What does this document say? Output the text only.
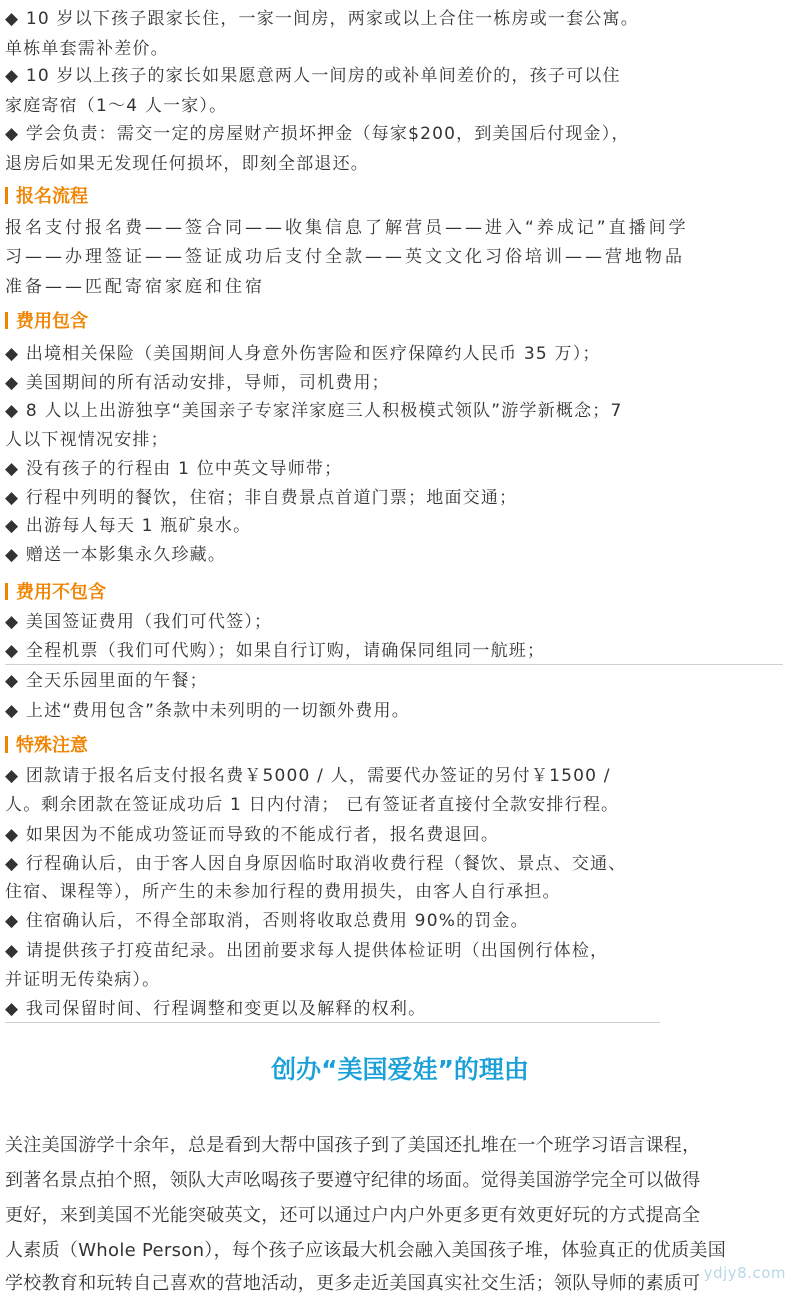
◆ 10 岁以下孩子跟家长住，一家一间房，两家或以上合住一栋房或一套公寓。
单栋单套需补差价。
◆ 10 岁以上孩子的家长如果愿意两人一间房的或补单间差价的，孩子可以住
家庭寄宿（1～4 人一家）。
◆ 学会负责：需交一定的房屋财产损坏押金（每家$200，到美国后付现金），
退房后如果无发现任何损坏，即刻全部退还。
报名流程
报名支付报名费——签合同——收集信息了解营员——进入“养成记”直播间学
习——办理签证——签证成功后支付全款——英文文化习俗培训——营地物品
准备——匹配寄宿家庭和住宿
费用包含
◆ 出境相关保险（美国期间人身意外伤害险和医疗保障约人民币 35 万）；
◆ 美国期间的所有活动安排，导师，司机费用；
◆ 8 人以上出游独享“美国亲子专家洋家庭三人积极模式领队”游学新概念；7
人以下视情况安排；
◆ 没有孩子的行程由 1 位中英文导师带；
◆ 行程中列明的餐饮，住宿；非自费景点首道门票；地面交通；
◆ 出游每人每天 1 瓶矿泉水。
◆ 赠送一本影集永久珍藏。
费用不包含
◆ 美国签证费用（我们可代签）；
◆ 全程机票（我们可代购）；如果自行订购，请确保同组同一航班；
◆ 全天乐园里面的午餐；
◆ 上述“费用包含”条款中未列明的一切额外费用。
特殊注意
◆ 团款请于报名后支付报名费￥5000 / 人，需要代办签证的另付￥1500 /
人。剩余团款在签证成功后 1 日内付清； 已有签证者直接付全款安排行程。
◆ 如果因为不能成功签证而导致的不能成行者，报名费退回。
◆ 行程确认后，由于客人因自身原因临时取消收费行程（餐饮、景点、交通、
住宿、课程等），所产生的未参加行程的费用损失，由客人自行承担。
◆ 住宿确认后，不得全部取消，否则将收取总费用 90%的罚金。
◆ 请提供孩子打疫苗纪录。出团前要求每人提供体检证明（出国例行体检，
并证明无传染病）。
◆ 我司保留时间、行程调整和变更以及解释的权利。
创办“美国爱娃”的理由
关注美国游学十余年，总是看到大帮中国孩子到了美国还扎堆在一个班学习语言课程，
到著名景点拍个照，领队大声吆喝孩子要遵守纪律的场面。觉得美国游学完全可以做得
更好，来到美国不光能突破英文，还可以通过户内户外更多更有效更好玩的方式提高全
人素质（Whole Person），每个孩子应该最大机会融入美国孩子堆，体验真正的优质美国
学校教育和玩转自己喜欢的营地活动，更多走近美国真实社交生活；领队导师的素质可 ydjy8.com
